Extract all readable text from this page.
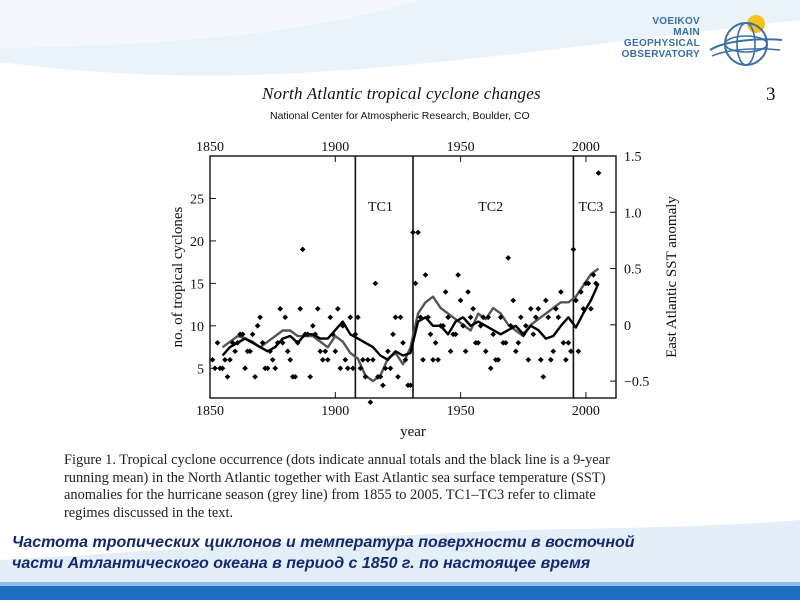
VOEIKOV
MAIN
GEOPHYSICAL
OBSERVATORY
North Atlantic tropical cyclone changes	3
National Center for Atmospheric Research, Boulder, CO
TC1	TC2	TC3
1850
1850
1900
1900
1950
1950
2000
2000
5
10
15
20
25
−0.5
0
0.5
1.0
1.5
year
no. of tropical cyclones	East Atlantic SST anomaly
Figure 1. Tropical cyclone occurrence (dots indicate annual totals and the black line is a 9-year
running mean) in the North Atlantic together with East Atlantic sea surface temperature (SST)
anomalies for the hurricane season (grey line) from 1855 to 2005. TC1–TC3 refer to climate
regimes discussed in the text.
Частота тропических циклонов и температура поверхности в восточной
части Атлантического океана в период с 1850 г. по настоящее время
